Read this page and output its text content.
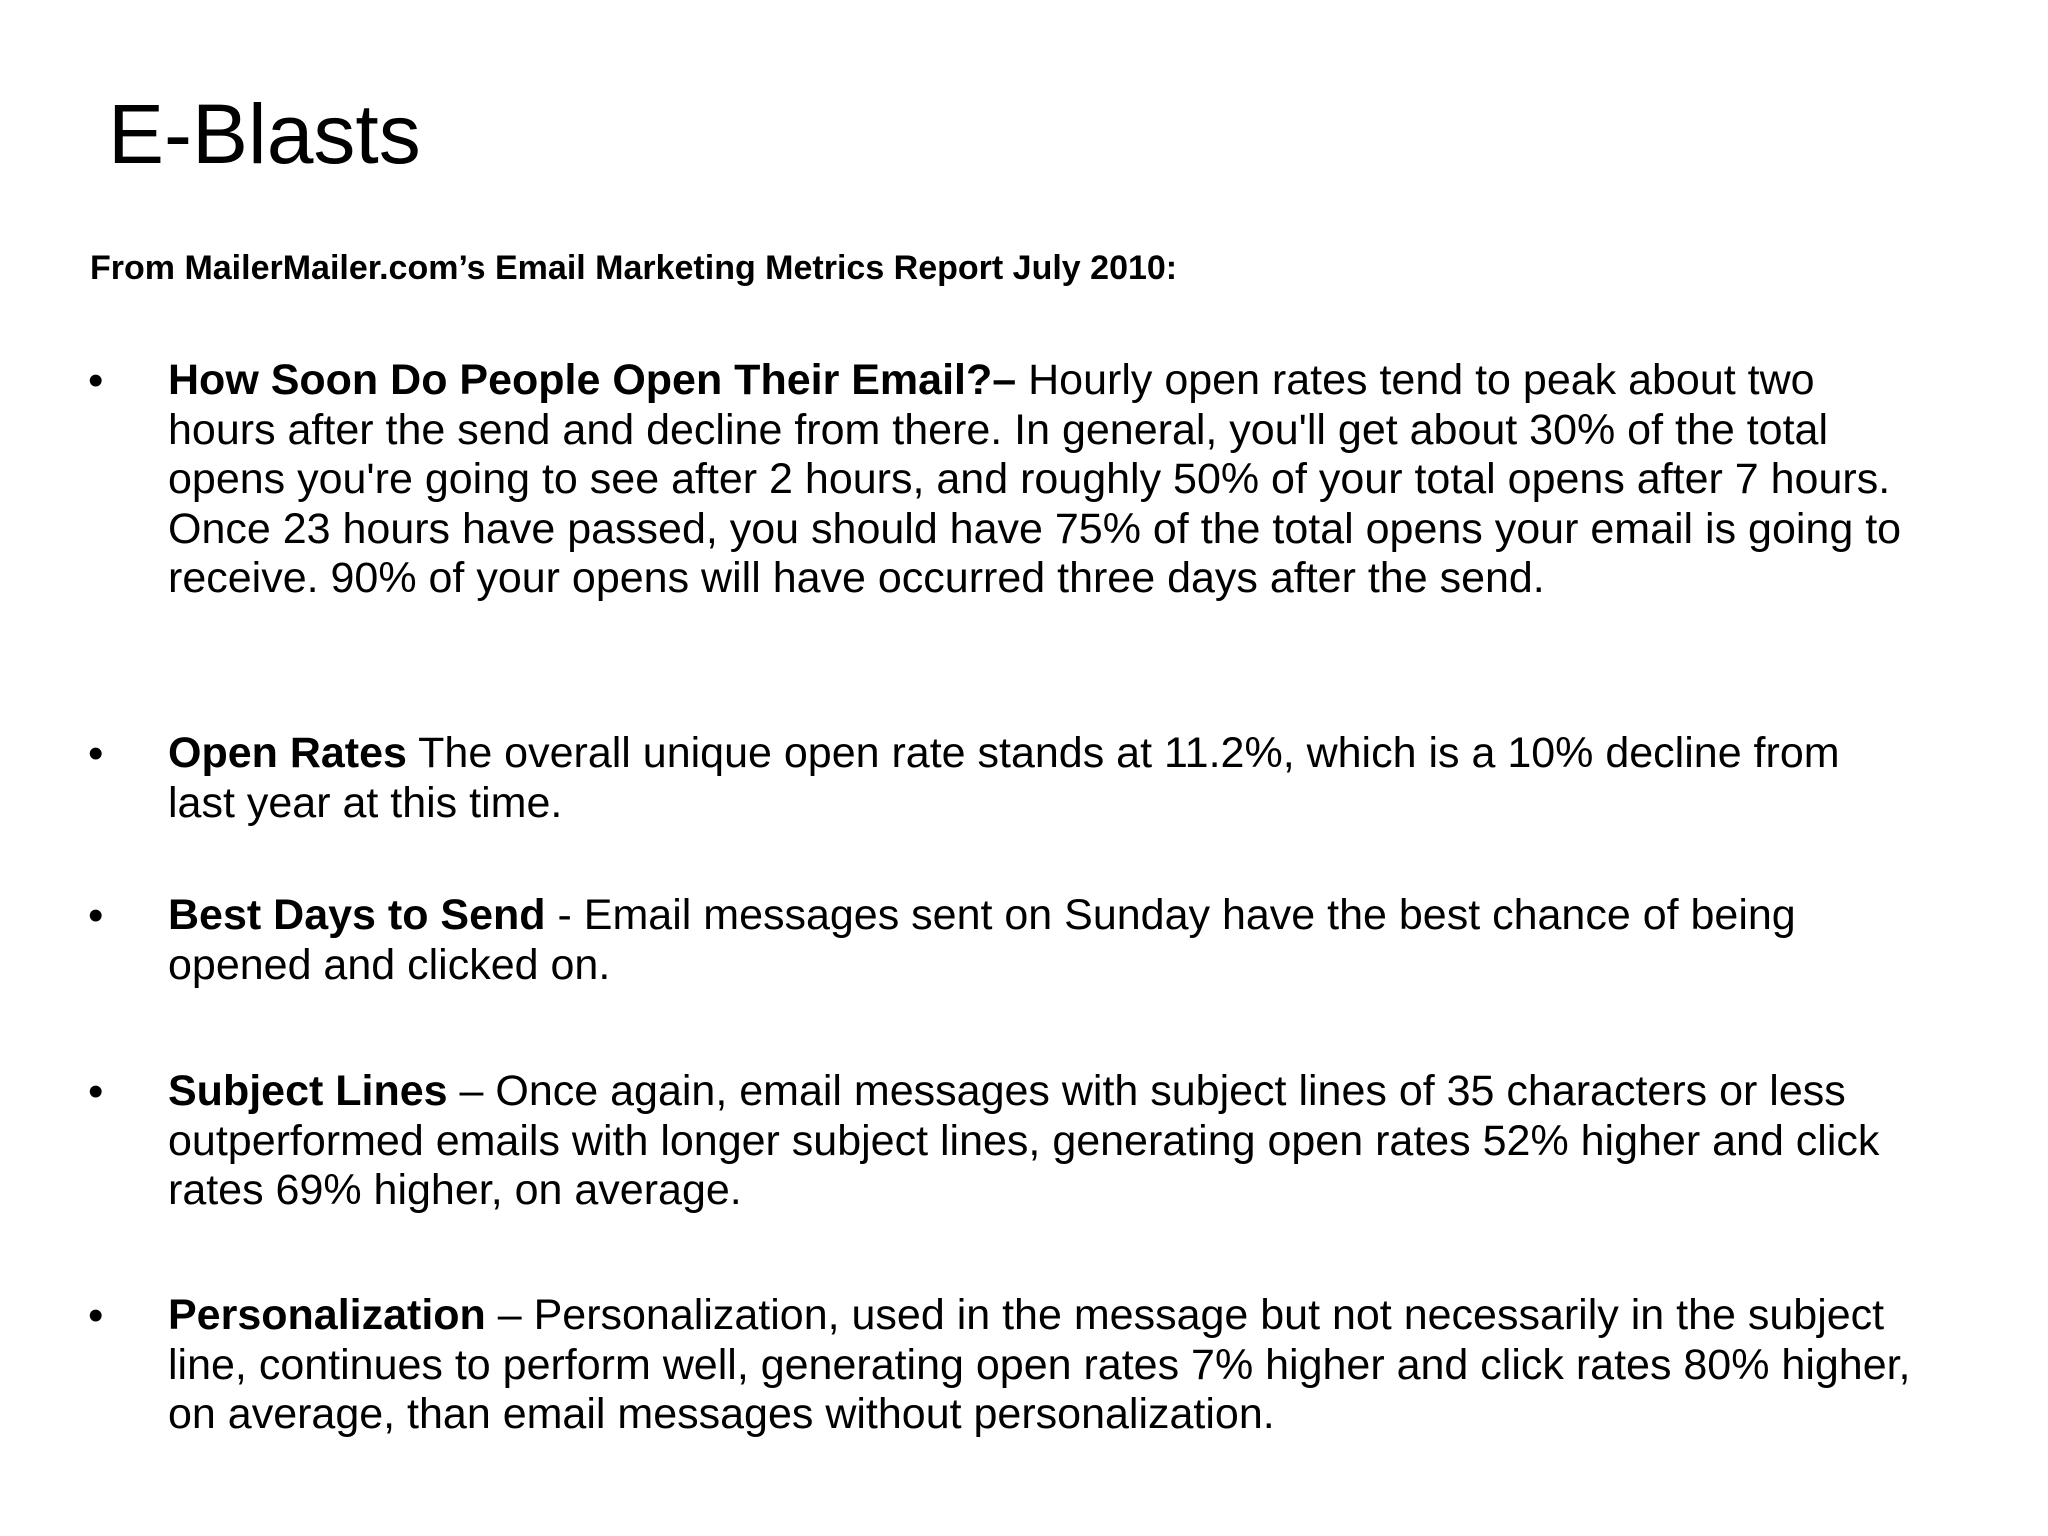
E-Blasts

From MailerMailer.com’s Email Marketing Metrics Report July 2010:

• How Soon Do People Open Their Email?– Hourly open rates tend to peak about two hours after the send and decline from there. In general, you'll get about 30% of the total opens you're going to see after 2 hours, and roughly 50% of your total opens after 7 hours. Once 23 hours have passed, you should have 75% of the total opens your email is going to receive. 90% of your opens will have occurred three days after the send.

• Open Rates The overall unique open rate stands at 11.2%, which is a 10% decline from last year at this time.

• Best Days to Send - Email messages sent on Sunday have the best chance of being opened and clicked on.

• Subject Lines – Once again, email messages with subject lines of 35 characters or less outperformed emails with longer subject lines, generating open rates 52% higher and click rates 69% higher, on average.

• Personalization – Personalization, used in the message but not necessarily in the subject line, continues to perform well, generating open rates 7% higher and click rates 80% higher, on average, than email messages without personalization.
